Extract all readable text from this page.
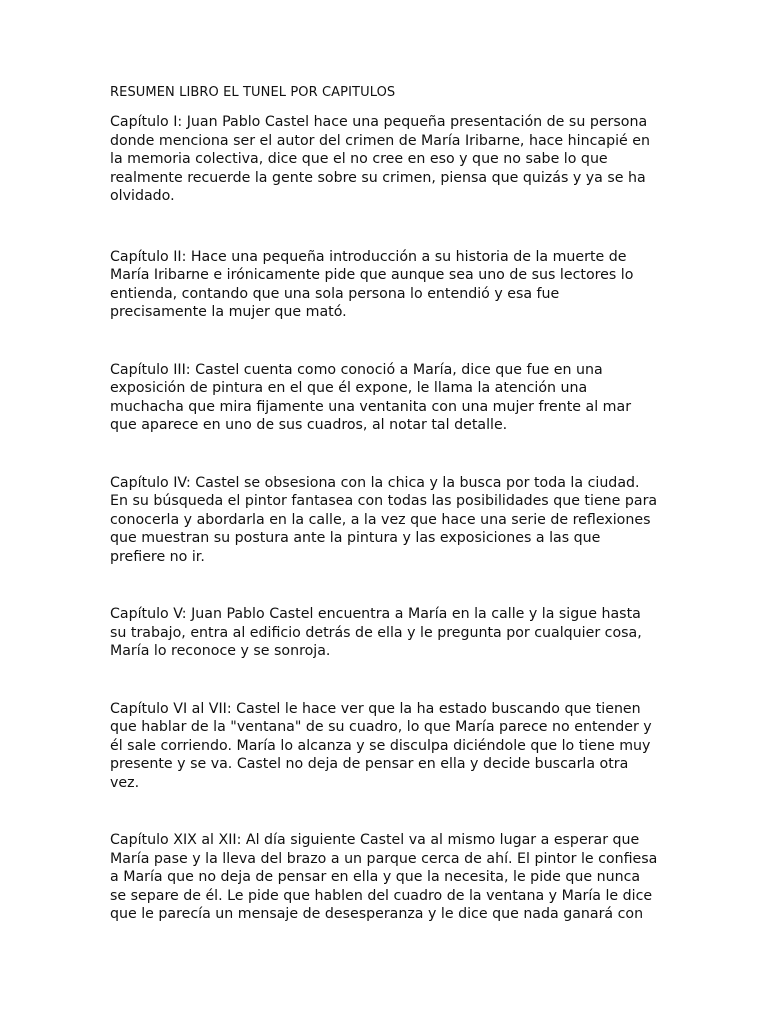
RESUMEN LIBRO EL TUNEL POR CAPITULOS
Capítulo I: Juan Pablo Castel hace una pequeña presentación de su persona
donde menciona ser el autor del crimen de María Iribarne, hace hincapié en
la memoria colectiva, dice que el no cree en eso y que no sabe lo que
realmente recuerde la gente sobre su crimen, piensa que quizás y ya se ha
olvidado.
Capítulo II: Hace una pequeña introducción a su historia de la muerte de
María Iribarne e irónicamente pide que aunque sea uno de sus lectores lo
entienda, contando que una sola persona lo entendió y esa fue
precisamente la mujer que mató.
Capítulo III: Castel cuenta como conoció a María, dice que fue en una
exposición de pintura en el que él expone, le llama la atención una
muchacha que mira fijamente una ventanita con una mujer frente al mar
que aparece en uno de sus cuadros, al notar tal detalle.
Capítulo IV: Castel se obsesiona con la chica y la busca por toda la ciudad.
En su búsqueda el pintor fantasea con todas las posibilidades que tiene para
conocerla y abordarla en la calle, a la vez que hace una serie de reflexiones
que muestran su postura ante la pintura y las exposiciones a las que
prefiere no ir.
Capítulo V: Juan Pablo Castel encuentra a María en la calle y la sigue hasta
su trabajo, entra al edificio detrás de ella y le pregunta por cualquier cosa,
María lo reconoce y se sonroja.
Capítulo VI al VII: Castel le hace ver que la ha estado buscando que tienen
que hablar de la "ventana" de su cuadro, lo que María parece no entender y
él sale corriendo. María lo alcanza y se disculpa diciéndole que lo tiene muy
presente y se va. Castel no deja de pensar en ella y decide buscarla otra
vez.
Capítulo XIX al XII: Al día siguiente Castel va al mismo lugar a esperar que
María pase y la lleva del brazo a un parque cerca de ahí. El pintor le confiesa
a María que no deja de pensar en ella y que la necesita, le pide que nunca
se separe de él. Le pide que hablen del cuadro de la ventana y María le dice
que le parecía un mensaje de desesperanza y le dice que nada ganará con
